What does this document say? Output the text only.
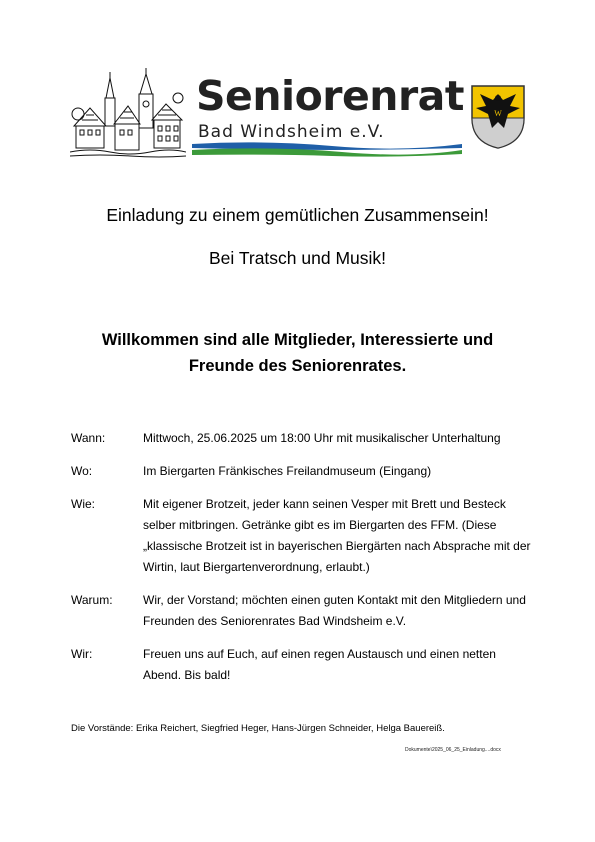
Seniorenrat
Bad Windsheim e.V.
W
Einladung zu einem gemütlichen Zusammensein!
Bei Tratsch und Musik!
Willkommen sind alle Mitglieder, Interessierte und
Freunde des Seniorenrates.
Wann:	Mittwoch, 25.06.2025 um 18:00 Uhr mit musikalischer Unterhaltung
Wo:	Im Biergarten Fränkisches Freilandmuseum (Eingang)
Wie:	Mit eigener Brotzeit, jeder kann seinen Vesper mit Brett und Besteck selber mitbringen. Getränke gibt es im Biergarten des FFM. (Diese „klassische Brotzeit ist in bayerischen Biergärten nach Absprache mit der Wirtin, laut Biergartenverordnung, erlaubt.)
Warum:	Wir, der Vorstand; möchten einen guten Kontakt mit den Mitgliedern und Freunden des Seniorenrates Bad Windsheim e.V.
Wir:	Freuen uns auf Euch, auf einen regen Austausch und einen netten Abend. Bis bald!
Die Vorstände: Erika Reichert, Siegfried Heger, Hans-Jürgen Schneider, Helga Bauereiß.
Dokumente\2025_06_25_Einladung....docx
